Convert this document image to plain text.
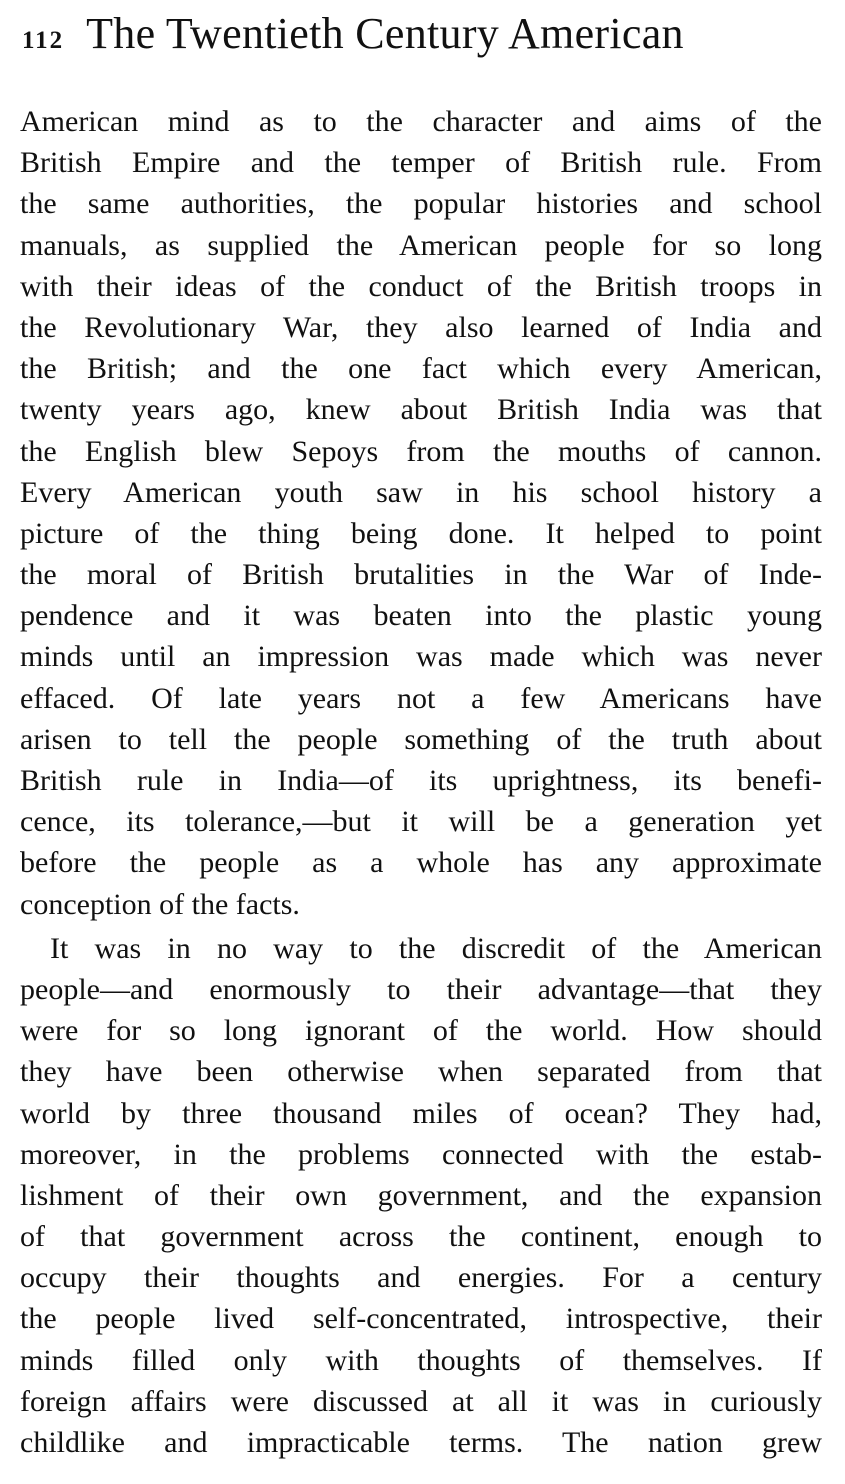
112 The Twentieth Century American
American mind as to the character and aims of the
British Empire and the temper of British rule. From
the same authorities, the popular histories and school
manuals, as supplied the American people for so long
with their ideas of the conduct of the British troops in
the Revolutionary War, they also learned of India and
the British; and the one fact which every American,
twenty years ago, knew about British India was that
the English blew Sepoys from the mouths of cannon.
Every American youth saw in his school history a
picture of the thing being done. It helped to point
the moral of British brutalities in the War of Inde-
pendence and it was beaten into the plastic young
minds until an impression was made which was never
effaced. Of late years not a few Americans have
arisen to tell the people something of the truth about
British rule in India—of its uprightness, its benefi-
cence, its tolerance,—but it will be a generation yet
before the people as a whole has any approximate
conception of the facts.
It was in no way to the discredit of the American
people—and enormously to their advantage—that they
were for so long ignorant of the world. How should
they have been otherwise when separated from that
world by three thousand miles of ocean? They had,
moreover, in the problems connected with the estab-
lishment of their own government, and the expansion
of that government across the continent, enough to
occupy their thoughts and energies. For a century
the people lived self-concentrated, introspective, their
minds filled only with thoughts of themselves. If
foreign affairs were discussed at all it was in curiously
childlike and impracticable terms. The nation grew
